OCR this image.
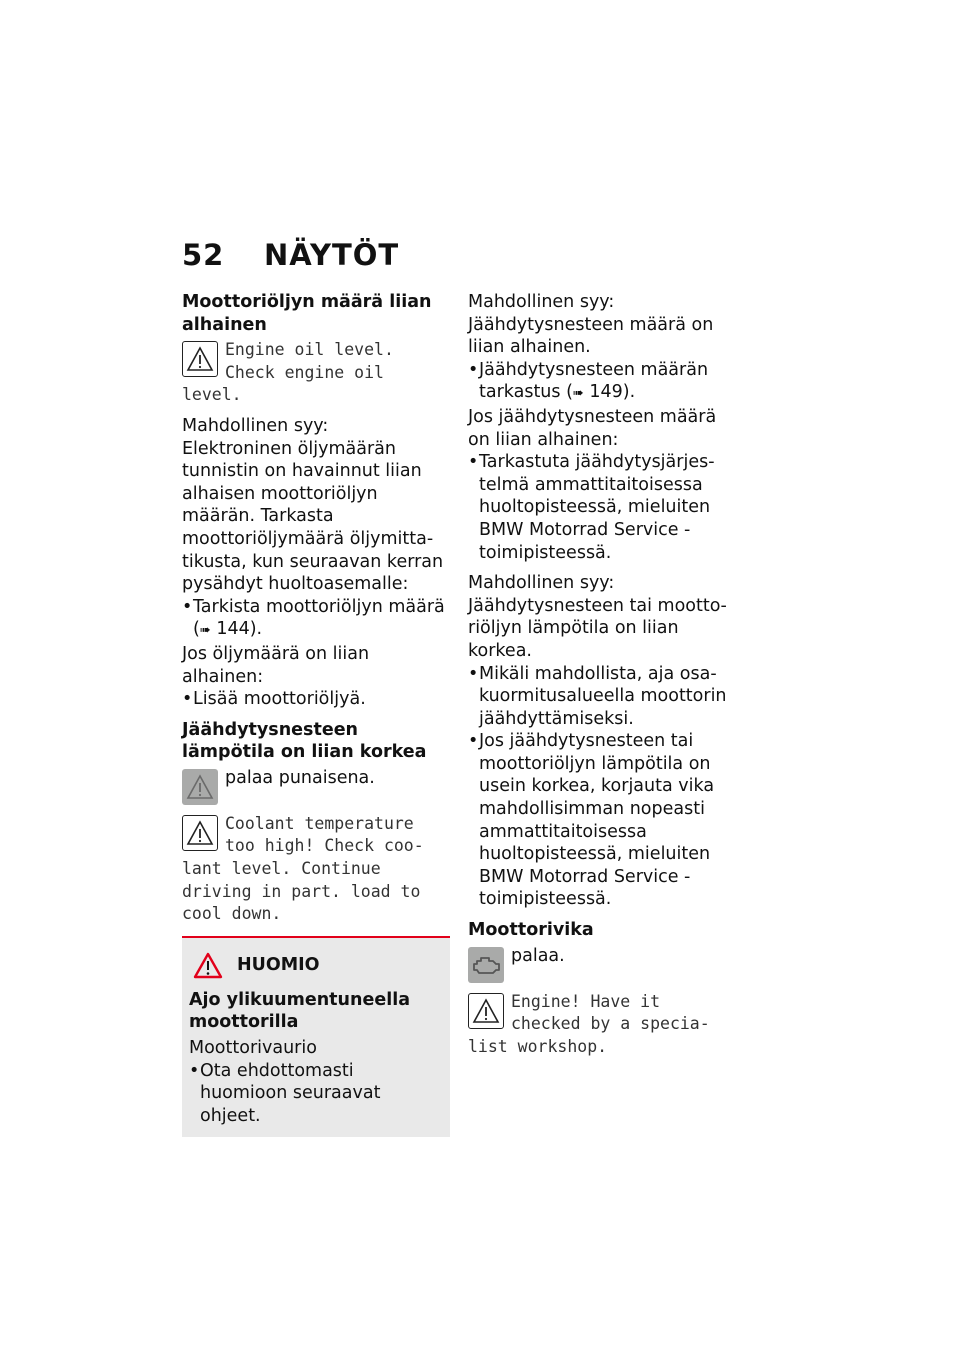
52 NÄYTÖT
Moottoriöljyn määrä liian alhainen
Engine oil level.
Check engine oil
level.

Mahdollinen syy:

Elektroninen öljymäärän tunnistin on havainnut liian alhaisen moottoriöljyn määrän. Tarkasta moottoriöljymäärä öljymittatikusta, kun seuraavan kerran pysähdyt huoltoasemalle:

• Tarkista moottoriöljyn määrä
(➠ 144).

Jos öljymäärä on liian alhainen:

• Lisää moottoriöljyä.

Jäähdytysnesteen lämpötila on liian korkea
palaa punaisena.
Coolant temperature
too high! Check coo-
lant level. Continue driving in part. load to cool down.
HUOMIO
Ajo ylikuumentuneella moottorilla

Moottorivaurio

• Ota ehdottomasti huomioon seuraavat ohjeet.

Mahdollinen syy:

Jäähdytysnesteen määrä on liian alhainen.

• Jäähdytysnesteen määrän tarkastus (➠ 149).

Jos jäähdytysnesteen määrä on liian alhainen:

• Tarkastuta jäähdytysjärjestelmä ammattitaitoisessa huoltopisteessä, mieluiten BMW Motorrad Service -toimipisteessä.

Mahdollinen syy:

Jäähdytysnesteen tai moottoriöljyn lämpötila on liian korkea.

• Mikäli mahdollista, aja osakuormitusalueella moottorin jäähdyttämiseksi.

• Jos jäähdytysnesteen tai moottoriöljyn lämpötila on usein korkea, korjauta vika mahdollisimman nopeasti ammattitaitoisessa huoltopisteessä, mieluiten BMW Motorrad Service -toimipisteessä.

Moottorivika
palaa.
Engine! Have it
checked by a specia-
list workshop.
